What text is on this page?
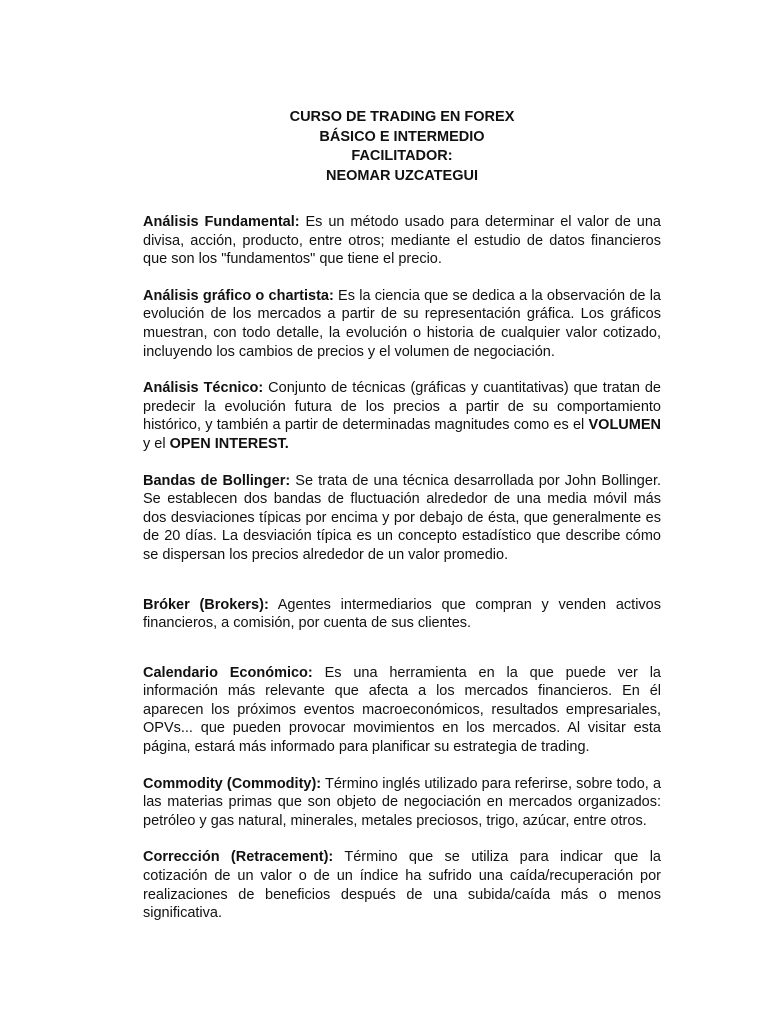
CURSO DE TRADING EN FOREX
BÁSICO E INTERMEDIO
FACILITADOR:
NEOMAR UZCATEGUI

Análisis Fundamental: Es un método usado para determinar el valor de una divisa, acción, producto, entre otros; mediante el estudio de datos financieros que son los "fundamentos" que tiene el precio.

Análisis gráfico o chartista: Es la ciencia que se dedica a la observación de la evolución de los mercados a partir de su representación gráfica. Los gráficos muestran, con todo detalle, la evolución o historia de cualquier valor cotizado, incluyendo los cambios de precios y el volumen de negociación.

Análisis Técnico: Conjunto de técnicas (gráficas y cuantitativas) que tratan de predecir la evolución futura de los precios a partir de su comportamiento histórico, y también a partir de determinadas magnitudes como es el VOLUMEN y el OPEN INTEREST.

Bandas de Bollinger: Se trata de una técnica desarrollada por John Bollinger. Se establecen dos bandas de fluctuación alrededor de una media móvil más dos desviaciones típicas por encima y por debajo de ésta, que generalmente es de 20 días. La desviación típica es un concepto estadístico que describe cómo se dispersan los precios alrededor de un valor promedio.

Bróker (Brokers): Agentes intermediarios que compran y venden activos financieros, a comisión, por cuenta de sus clientes.

Calendario Económico: Es una herramienta en la que puede ver la información más relevante que afecta a los mercados financieros. En él aparecen los próximos eventos macroeconómicos, resultados empresariales, OPVs... que pueden provocar movimientos en los mercados. Al visitar esta página, estará más informado para planificar su estrategia de trading.

Commodity (Commodity): Término inglés utilizado para referirse, sobre todo, a las materias primas que son objeto de negociación en mercados organizados: petróleo y gas natural, minerales, metales preciosos, trigo, azúcar, entre otros.

Corrección (Retracement): Término que se utiliza para indicar que la cotización de un valor o de un índice ha sufrido una caída/recuperación por realizaciones de beneficios después de una subida/caída más o menos significativa.
